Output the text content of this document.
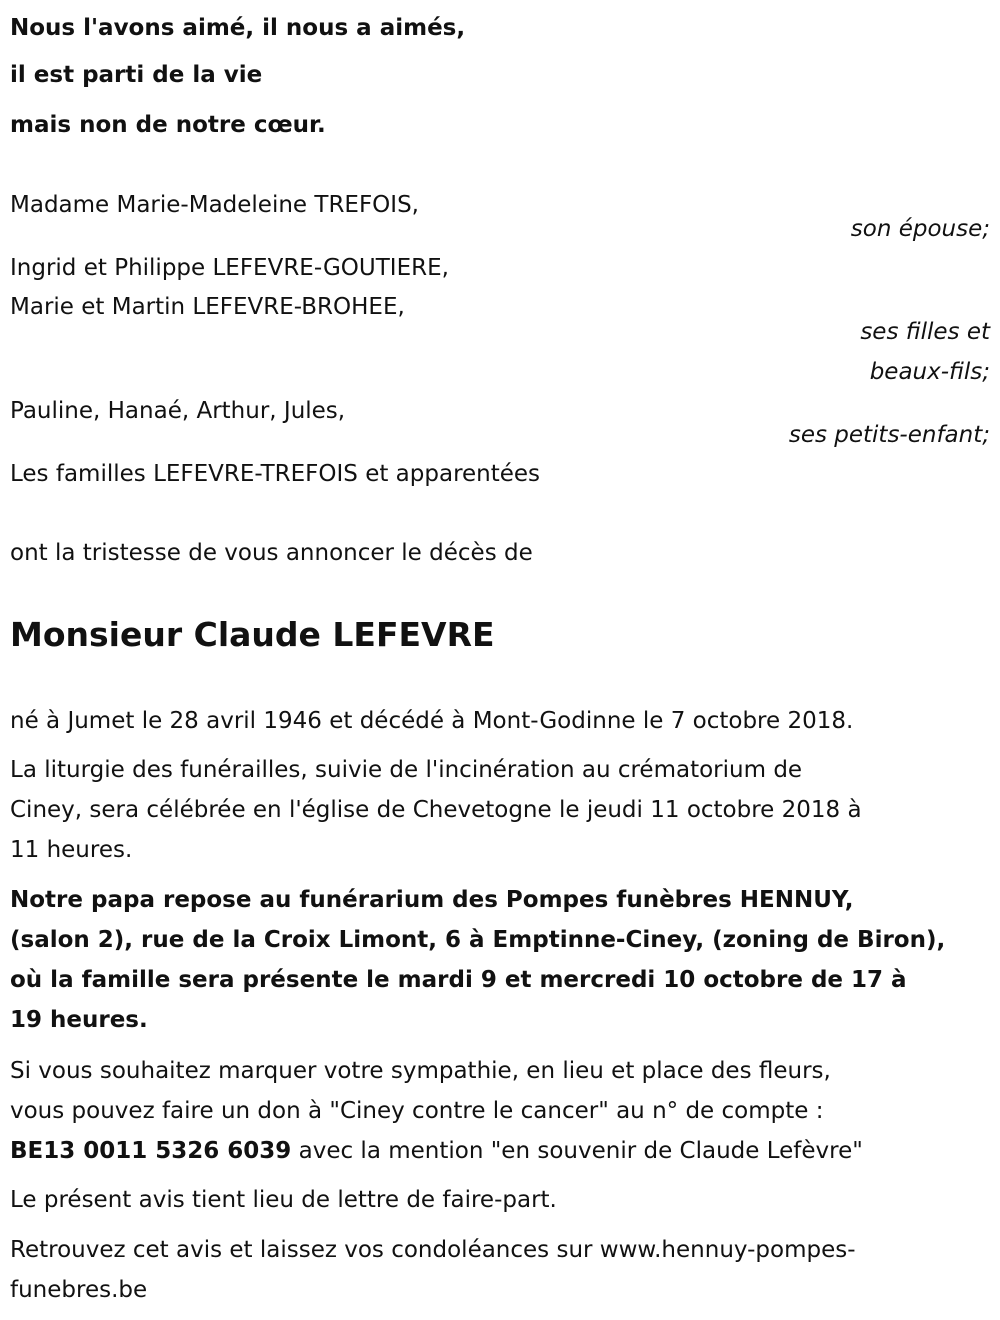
Nous l'avons aimé, il nous a aimés,
il est parti de la vie
mais non de notre cœur.
Madame Marie-Madeleine TREFOIS,
son épouse;
Ingrid et Philippe LEFEVRE-GOUTIERE,
Marie et Martin LEFEVRE-BROHEE,
ses filles et
beaux-fils;
Pauline, Hanaé, Arthur, Jules,
ses petits-enfant;
Les familles LEFEVRE-TREFOIS et apparentées
ont la tristesse de vous annoncer le décès de
Monsieur Claude LEFEVRE
né à Jumet le 28 avril 1946 et décédé à Mont-Godinne le 7 octobre 2018.
La liturgie des funérailles, suivie de l'incinération au crématorium de
Ciney, sera célébrée en l'église de Chevetogne le jeudi 11 octobre 2018 à
11 heures.
Notre papa repose au funérarium des Pompes funèbres HENNUY,
(salon 2), rue de la Croix Limont, 6 à Emptinne-Ciney, (zoning de Biron),
où la famille sera présente le mardi 9 et mercredi 10 octobre de 17 à
19 heures.
Si vous souhaitez marquer votre sympathie, en lieu et place des fleurs,
vous pouvez faire un don à "Ciney contre le cancer" au n° de compte :
BE13 0011 5326 6039 avec la mention "en souvenir de Claude Lefèvre"
Le présent avis tient lieu de lettre de faire-part.
Retrouvez cet avis et laissez vos condoléances sur www.hennuy-pompes-
funebres.be
